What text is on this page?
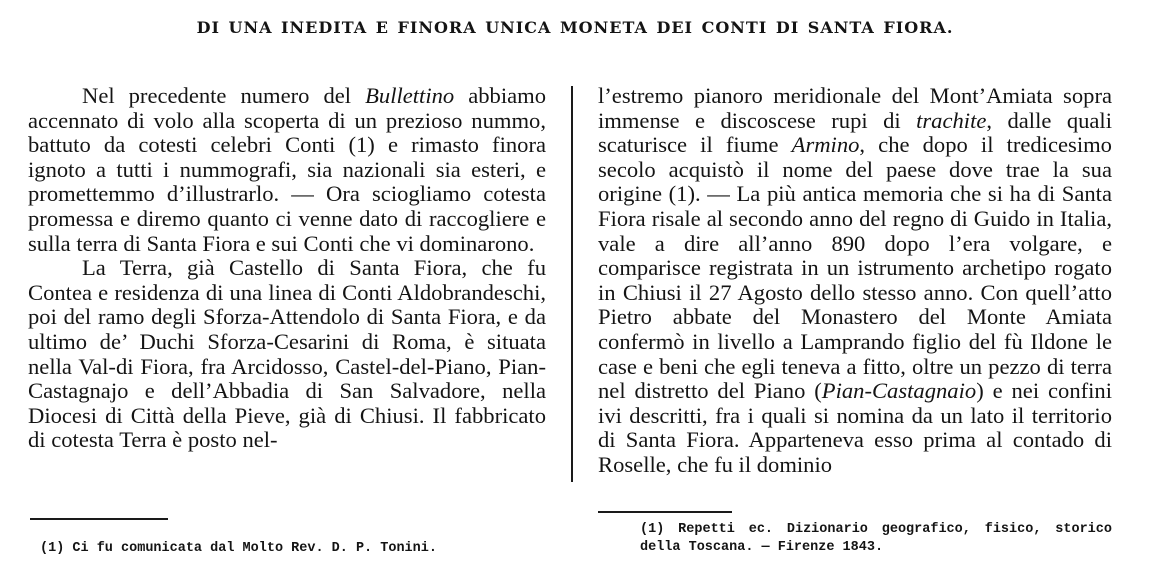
DI UNA INEDITA E FINORA UNICA MONETA DEI CONTI DI SANTA FIORA.

Nel precedente numero del Bullettino abbiamo accennato di volo alla scoperta di un prezioso nummo, battuto da cotesti celebri Conti (1) e rimasto finora ignoto a tutti i nummografi, sia nazionali sia esteri, e promettemmo d’illustrarlo. — Ora sciogliamo cotesta promessa e diremo quanto ci venne dato di raccogliere e sulla terra di Santa Fiora e sui Conti che vi dominarono.

La Terra, già Castello di Santa Fiora, che fu Contea e residenza di una linea di Conti Aldobrandeschi, poi del ramo degli Sforza-Attendolo di Santa Fiora, e da ultimo de’ Duchi Sforza-Cesarini di Roma, è situata nella Val-di Fiora, fra Arcidosso, Castel-del-Piano, Pian-Castagnajo e dell’Abbadia di San Salvadore, nella Diocesi di Città della Pieve, già di Chiusi. Il fabbricato di cotesta Terra è posto nel-

l’estremo pianoro meridionale del Mont’Amiata sopra immense e discoscese rupi di trachite, dalle quali scaturisce il fiume Armino, che dopo il tredicesimo secolo acquistò il nome del paese dove trae la sua origine (1). — La più antica memoria che si ha di Santa Fiora risale al secondo anno del regno di Guido in Italia, vale a dire all’anno 890 dopo l’era volgare, e comparisce registrata in un istrumento archetipo rogato in Chiusi il 27 Agosto dello stesso anno. Con quell’atto Pietro abbate del Monastero del Monte Amiata confermò in livello a Lamprando figlio del fù Ildone le case e beni che egli teneva a fitto, oltre un pezzo di terra nel distretto del Piano (Pian-Castagnaio) e nei confini ivi descritti, fra i quali si nomina da un lato il territorio di Santa Fiora. Apparteneva esso prima al contado di Roselle, che fu il dominio

(1) Ci fu comunicata dal Molto Rev. D. P. Tonini.
(1) Repetti ec. Dizionario geografico, fisico, storico della Toscana. — Firenze 1843.
